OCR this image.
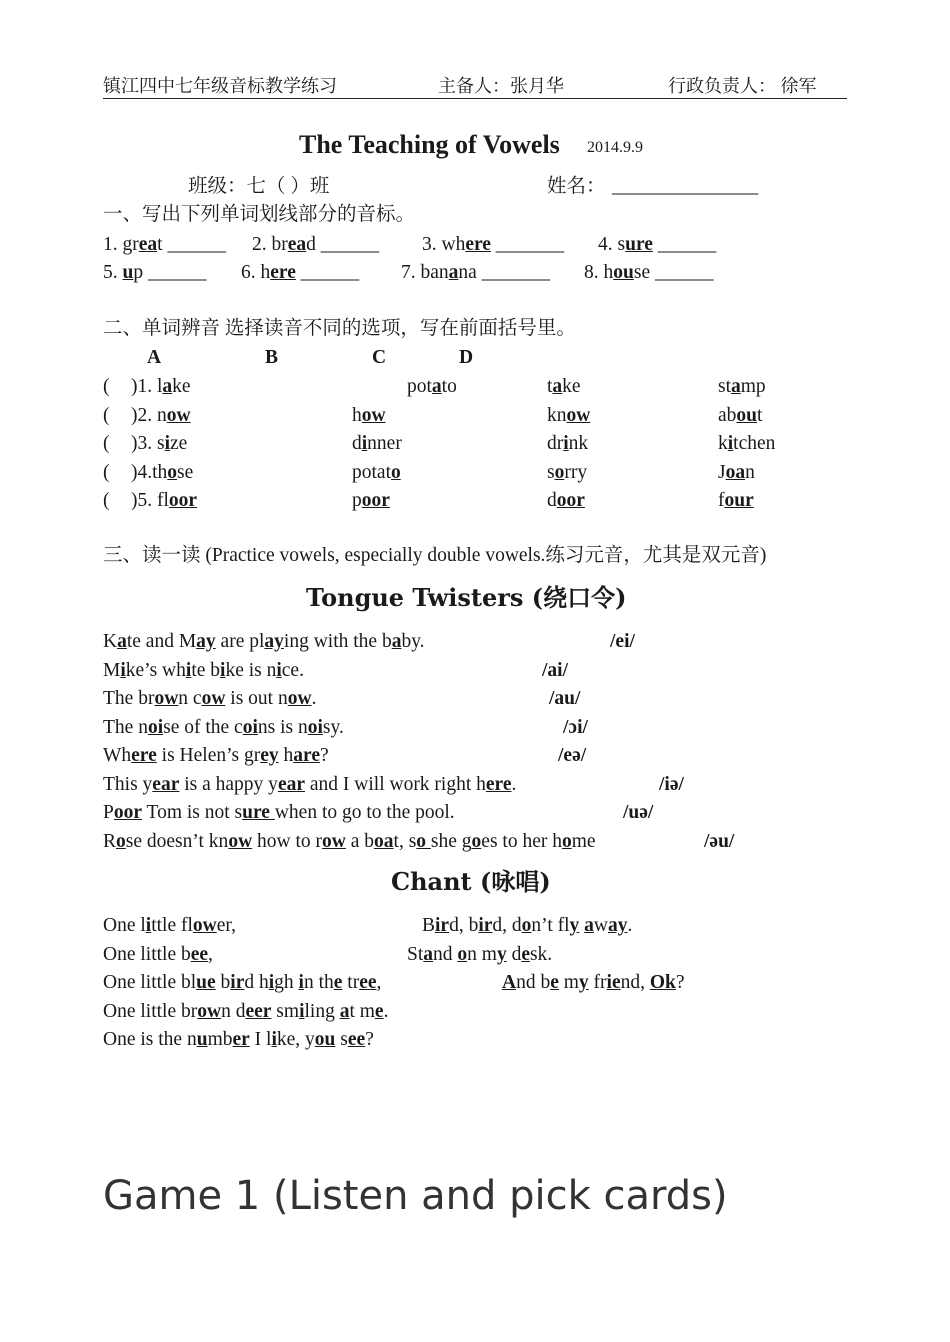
镇江四中七年级音标教学练习	主备人：张月华	行政负责人： 徐军
The Teaching of Vowels 2014.9.9
班级：七（ ）班	姓名： _______________
一、写出下列单词划线部分的音标。
1. great ______ 2. bread ______ 3. where _______ 4. sure ______
5. up ______ 6. here ______ 7. banana _______ 8. house ______
二、单词辨音 选择读音不同的选项，写在前面括号里。
A	B	C	D
( )1. lake	potato	take	stamp
( )2. now	how	know	about
( )3. size	dinner	drink	kitchen
( )4.those	potato	sorry	Joan
( )5. floor	poor	door	four
三、读一读 (Practice vowels, especially double vowels.练习元音，尤其是双元音)
Tongue Twisters (绕口令)
Kate and May are playing with the baby.	/ei/
Mike’s white bike is nice.	/ai/
The brown cow is out now.	/au/
The noise of the coins is noisy.	/ɔi/
Where is Helen’s grey hare?	/eə/
This year is a happy year and I will work right here.	/iə/
Poor Tom is not sure when to go to the pool.	/uə/
Rose doesn’t know how to row a boat, so she goes to her home	/əu/
Chant (咏唱)
One little flower,
One little bee,
One little blue bird high in the tree,
One little brown deer smiling at me.
One is the number I like, you see?
Bird, bird, don’t fly away.
Stand on my desk.
And be my friend, Ok?
Game 1 (Listen and pick cards)
